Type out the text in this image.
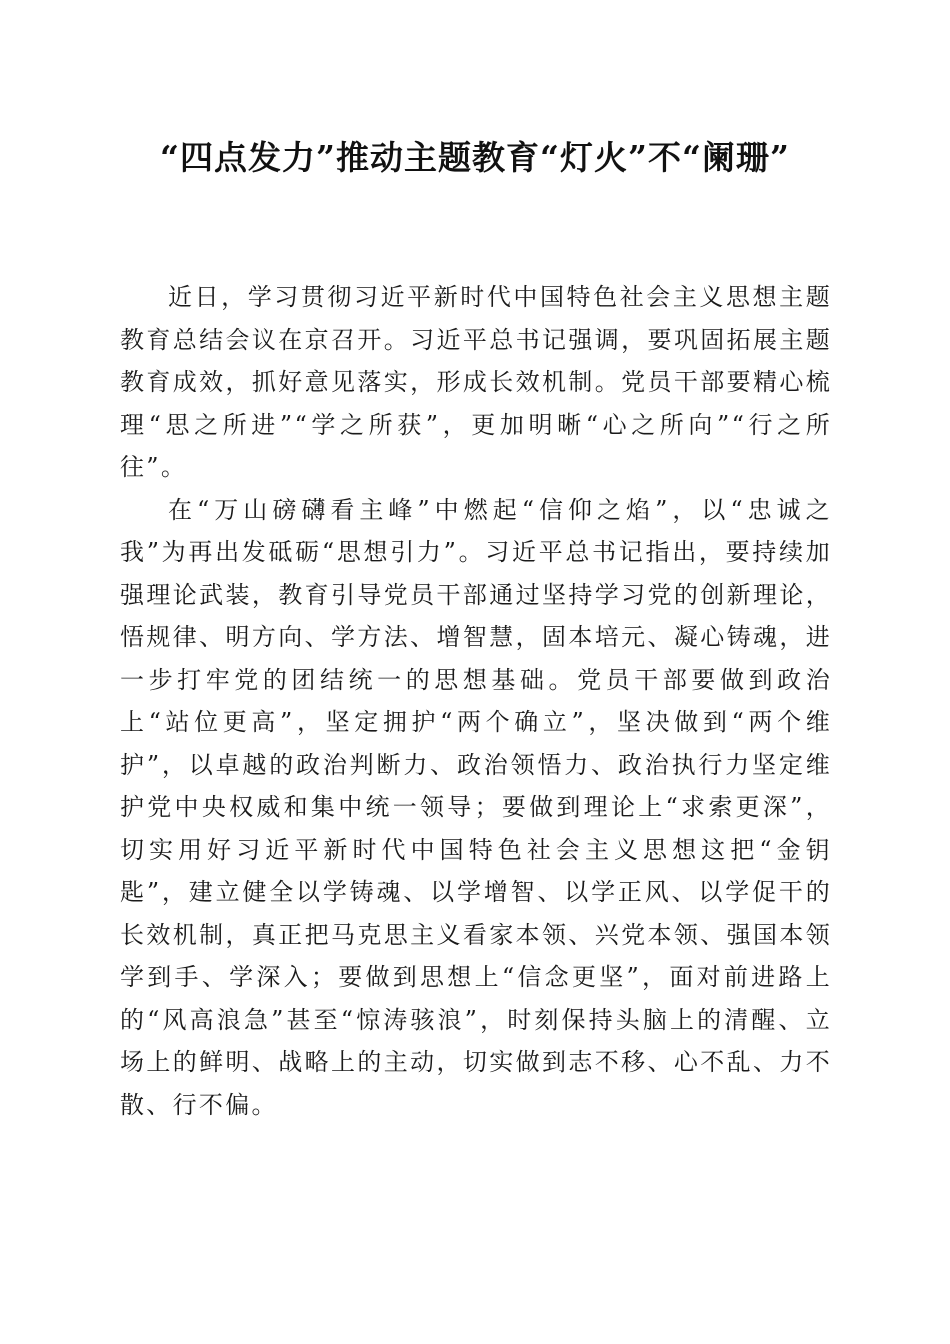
“四点发力”推动主题教育“灯火”不“阑珊”

近日，学习贯彻习近平新时代中国特色社会主义思想主题教育总结会议在京召开。习近平总书记强调，要巩固拓展主题教育成效，抓好意见落实，形成长效机制。党员干部要精心梳理“思之所进”“学之所获”，更加明晰“心之所向”“行之所往”。

在“万山磅礴看主峰”中燃起“信仰之焰”，以“忠诚之我”为再出发砥砺“思想引力”。习近平总书记指出，要持续加强理论武装，教育引导党员干部通过坚持学习党的创新理论，悟规律、明方向、学方法、增智慧，固本培元、凝心铸魂，进一步打牢党的团结统一的思想基础。党员干部要做到政治上“站位更高”，坚定拥护“两个确立”，坚决做到“两个维护”，以卓越的政治判断力、政治领悟力、政治执行力坚定维护党中央权威和集中统一领导；要做到理论上“求索更深”，切实用好习近平新时代中国特色社会主义思想这把“金钥匙”，建立健全以学铸魂、以学增智、以学正风、以学促干的长效机制，真正把马克思主义看家本领、兴党本领、强国本领学到手、学深入；要做到思想上“信念更坚”，面对前进路上的“风高浪急”甚至“惊涛骇浪”，时刻保持头脑上的清醒、立场上的鲜明、战略上的主动，切实做到志不移、心不乱、力不散、行不偏。
